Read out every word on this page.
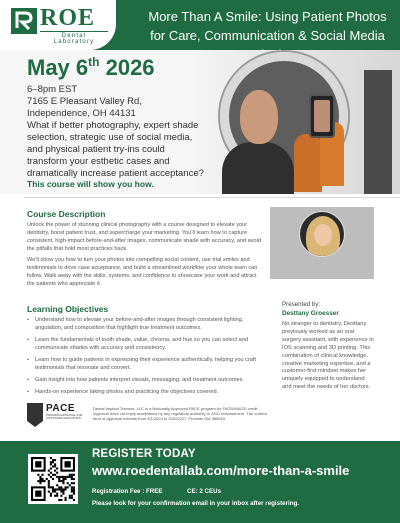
ROE
Dental Laboratory
More Than A Smile: Using Patient Photos for Care, Communication & Social Media
May 6th 2026
6–8pm EST
7165 E Pleasant Valley Rd,
Independence, OH 44131
What if better photography, expert shade selection, strategic use of social media, and physical patient try-ins could transform your esthetic cases and dramatically increase patient acceptance?
This course will show you how.
Course Description
Unlock the power of stunning clinical photography with a course designed to elevate your dentistry, boost patient trust, and supercharge your marketing. You'll learn how to capture consistent, high-impact before-and-after images, communicate shade with accuracy, and avoid the pitfalls that hold most practices back.
We'll show you how to turn your photos into compelling social content, use trial smiles and testimonials to drive case acceptance, and build a streamlined workflow your whole team can follow. Walk away with the skills, systems, and confidence to showcase your work and attract the patients who appreciate it.
Learning Objectives
• Understand how to elevate your before-and-after images through consistent lighting, angulation, and composition that highlight true treatment outcomes.
• Learn the fundamentals of tooth shade, value, chroma, and hue so you can select and communicate shades with accuracy and consistency.
• Learn how to guide patients in expressing their experience authentically, helping you craft testimonials that resonate and convert.
• Gain insight into how patients interpret visuals, messaging, and treatment outcomes.
• Hands-on experience taking photos and practicing the objectives covered.
Presented by:
Desttany Groesser
No stranger to dentistry, Desttany previously worked as an oral surgery assistant, with experience in IOS scanning and 3D printing. This combination of clinical knowledge, creative marketing expertise, and a customer-first mindset makes her uniquely equipped to understand and meet the needs of her doctors.
PACE
PROGRAM APPROVAL FOR CONTINUING EDUCATION
Dental Implant Trainers, LLC is a Nationally Approved PACE program for FAGD/MAGD credit. Approval does not imply acceptance by any regulatory authority or AGD endorsement. The current term of approval extends from 4/1/2024 to 3/31/2027. Provider ID# 386516.
REGISTER TODAY
www.roedentallab.com/more-than-a-smile
Registration Fee : FREE	CE: 2 CEUs
Please look for your confirmation email in your inbox after registering.
